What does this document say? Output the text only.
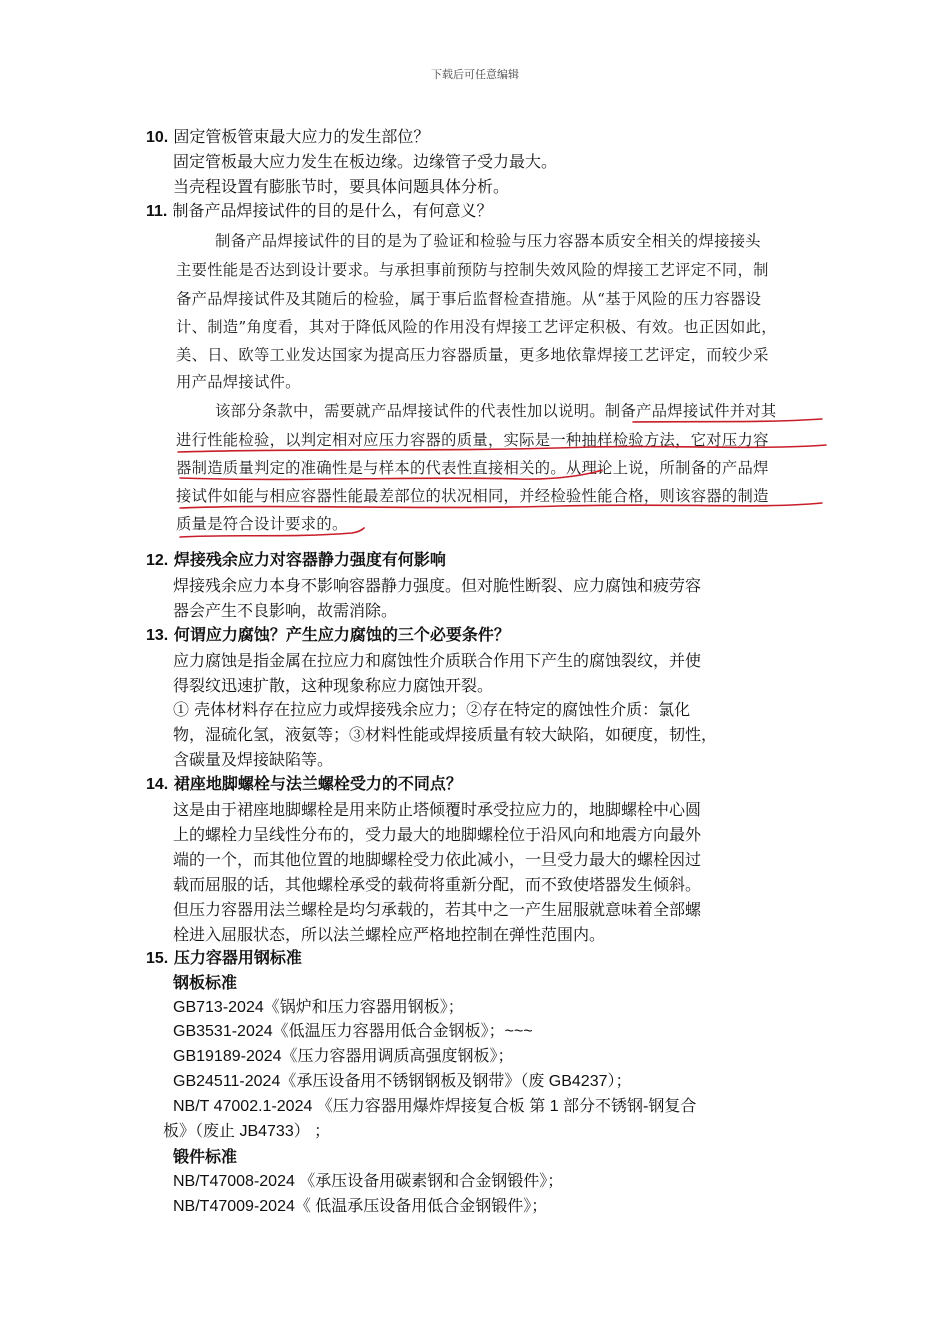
下载后可任意编辑
10. 固定管板管束最大应力的发生部位？
固定管板最大应力发生在板边缘。边缘管子受力最大。
当壳程设置有膨胀节时，要具体问题具体分析。
11. 制备产品焊接试件的目的是什么，有何意义？
制备产品焊接试件的目的是为了验证和检验与压力容器本质安全相关的焊接接头
主要性能是否达到设计要求。与承担事前预防与控制失效风险的焊接工艺评定不同，制
备产品焊接试件及其随后的检验，属于事后监督检查措施。从“基于风险的压力容器设
计、制造”角度看，其对于降低风险的作用没有焊接工艺评定积极、有效。也正因如此，
美、日、欧等工业发达国家为提高压力容器质量，更多地依靠焊接工艺评定，而较少采
用产品焊接试件。
该部分条款中，需要就产品焊接试件的代表性加以说明。制备产品焊接试件并对其
进行性能检验，以判定相对应压力容器的质量，实际是一种抽样检验方法，它对压力容
器制造质量判定的准确性是与样本的代表性直接相关的。从理论上说，所制备的产品焊
接试件如能与相应容器性能最差部位的状况相同，并经检验性能合格，则该容器的制造
质量是符合设计要求的。
12. 焊接残余应力对容器静力强度有何影响
焊接残余应力本身不影响容器静力强度。但对脆性断裂、应力腐蚀和疲劳容
器会产生不良影响，故需消除。
13. 何谓应力腐蚀？产生应力腐蚀的三个必要条件？
应力腐蚀是指金属在拉应力和腐蚀性介质联合作用下产生的腐蚀裂纹，并使
得裂纹迅速扩散，这种现象称应力腐蚀开裂。
① 壳体材料存在拉应力或焊接残余应力；②存在特定的腐蚀性介质：氯化
物，湿硫化氢，液氨等；③材料性能或焊接质量有较大缺陷，如硬度，韧性，
含碳量及焊接缺陷等。
14. 裙座地脚螺栓与法兰螺栓受力的不同点？
这是由于裙座地脚螺栓是用来防止塔倾覆时承受拉应力的，地脚螺栓中心圆
上的螺栓力呈线性分布的，受力最大的地脚螺栓位于沿风向和地震方向最外
端的一个，而其他位置的地脚螺栓受力依此减小，一旦受力最大的螺栓因过
载而屈服的话，其他螺栓承受的载荷将重新分配，而不致使塔器发生倾斜。
但压力容器用法兰螺栓是均匀承载的，若其中之一产生屈服就意味着全部螺
栓进入屈服状态，所以法兰螺栓应严格地控制在弹性范围内。
15. 压力容器用钢标准
钢板标准
GB713-2024《锅炉和压力容器用钢板》；
GB3531-2024《低温压力容器用低合金钢板》；~~~
GB19189-2024《压力容器用调质高强度钢板》；
GB24511-2024《承压设备用不锈钢钢板及钢带》（废 GB4237）；
NB/T 47002.1-2024 《压力容器用爆炸焊接复合板 第 1 部分不锈钢-钢复合
板》（废止 JB4733） ；
锻件标准
NB/T47008-2024 《承压设备用碳素钢和合金钢锻件》；
NB/T47009-2024《 低温承压设备用低合金钢锻件》；
